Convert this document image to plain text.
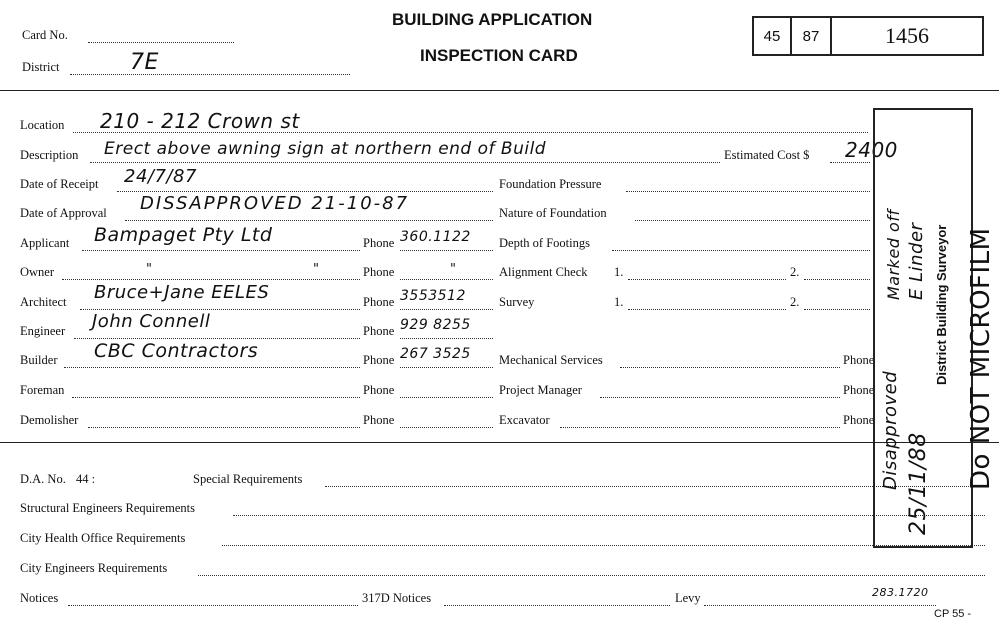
Card No.
District	7E
BUILDING APPLICATION
INSPECTION CARD
45 87	1456
Location 210 - 212 Crown st
Description Erect above awning sign at northern end of Build	Estimated Cost $ 2400
Date of Receipt 24/7/87	Foundation Pressure
Date of Approval DISSAPPROVED 21-10-87	Nature of Foundation
Applicant Bampaget Pty Ltd	Phone 360.1122 Depth of Footings
Owner	"	"	Phone	"	Alignment Check 1.	2.
Architect Bruce+Jane EELES	Phone 3553512	Survey	1.	2.
Engineer John Connell	Phone 929 8255
Builder CBC Contractors	Phone 267 3525 Mechanical Services	Phone
Foreman	Phone	Project Manager	Phone
Demolisher	Phone	Excavator	Phone
D.A. No. 44 :	Special Requirements
Structural Engineers Requirements
City Health Office Requirements
City Engineers Requirements
Notices	317D Notices	Levy	283.1720
CP 55 -
Marked off E Linder District Building Surveyor
Disapproved 25/11/88 Do NOT MICROFILM
